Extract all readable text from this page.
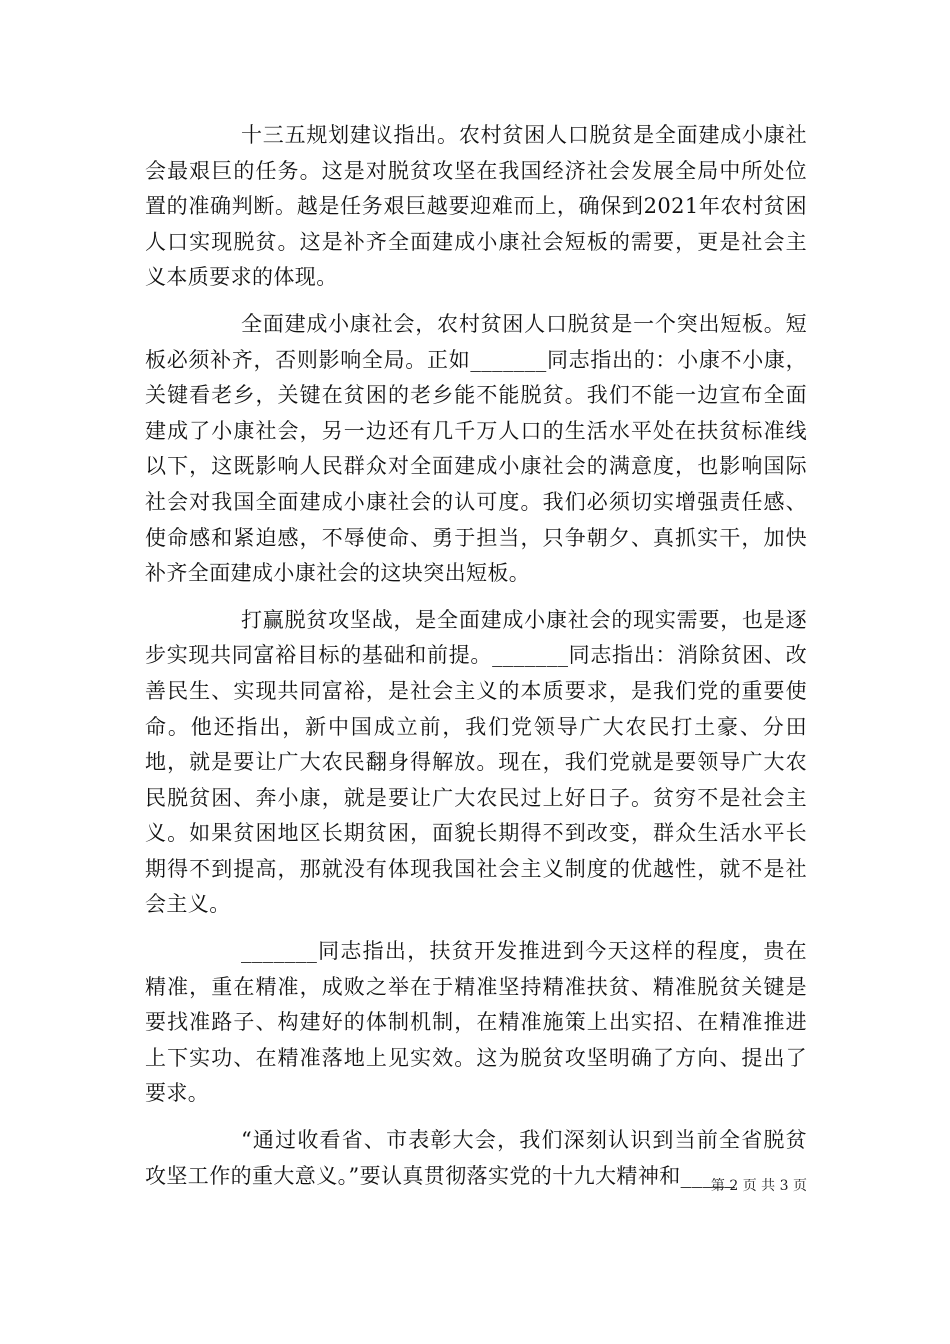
十三五规划建议指出。农村贫困人口脱贫是全面建成小康社会最艰巨的任务。这是对脱贫攻坚在我国经济社会发展全局中所处位置的准确判断。越是任务艰巨越要迎难而上，确保到2021年农村贫困人口实现脱贫。这是补齐全面建成小康社会短板的需要，更是社会主义本质要求的体现。

全面建成小康社会，农村贫困人口脱贫是一个突出短板。短板必须补齐，否则影响全局。正如_______同志指出的：小康不小康，关键看老乡，关键在贫困的老乡能不能脱贫。我们不能一边宣布全面建成了小康社会，另一边还有几千万人口的生活水平处在扶贫标准线以下，这既影响人民群众对全面建成小康社会的满意度，也影响国际社会对我国全面建成小康社会的认可度。我们必须切实增强责任感、使命感和紧迫感，不辱使命、勇于担当，只争朝夕、真抓实干，加快补齐全面建成小康社会的这块突出短板。

打赢脱贫攻坚战，是全面建成小康社会的现实需要，也是逐步实现共同富裕目标的基础和前提。_______同志指出：消除贫困、改善民生、实现共同富裕，是社会主义的本质要求，是我们党的重要使命。他还指出，新中国成立前，我们党领导广大农民打土豪、分田地，就是要让广大农民翻身得解放。现在，我们党就是要领导广大农民脱贫困、奔小康，就是要让广大农民过上好日子。贫穷不是社会主义。如果贫困地区长期贫困，面貌长期得不到改变，群众生活水平长期得不到提高，那就没有体现我国社会主义制度的优越性，就不是社会主义。

_______同志指出，扶贫开发推进到今天这样的程度，贵在精准，重在精准，成败之举在于精准坚持精准扶贫、精准脱贫关键是要找准路子、构建好的体制机制，在精准施策上出实招、在精准推进上下实功、在精准落地上见实效。这为脱贫攻坚明确了方向、提出了要求。

“通过收看省、市表彰大会，我们深刻认识到当前全省脱贫攻坚工作的重大意义。”要认真贯彻落实党的十九大精神和_____

第 2 页 共 3 页
